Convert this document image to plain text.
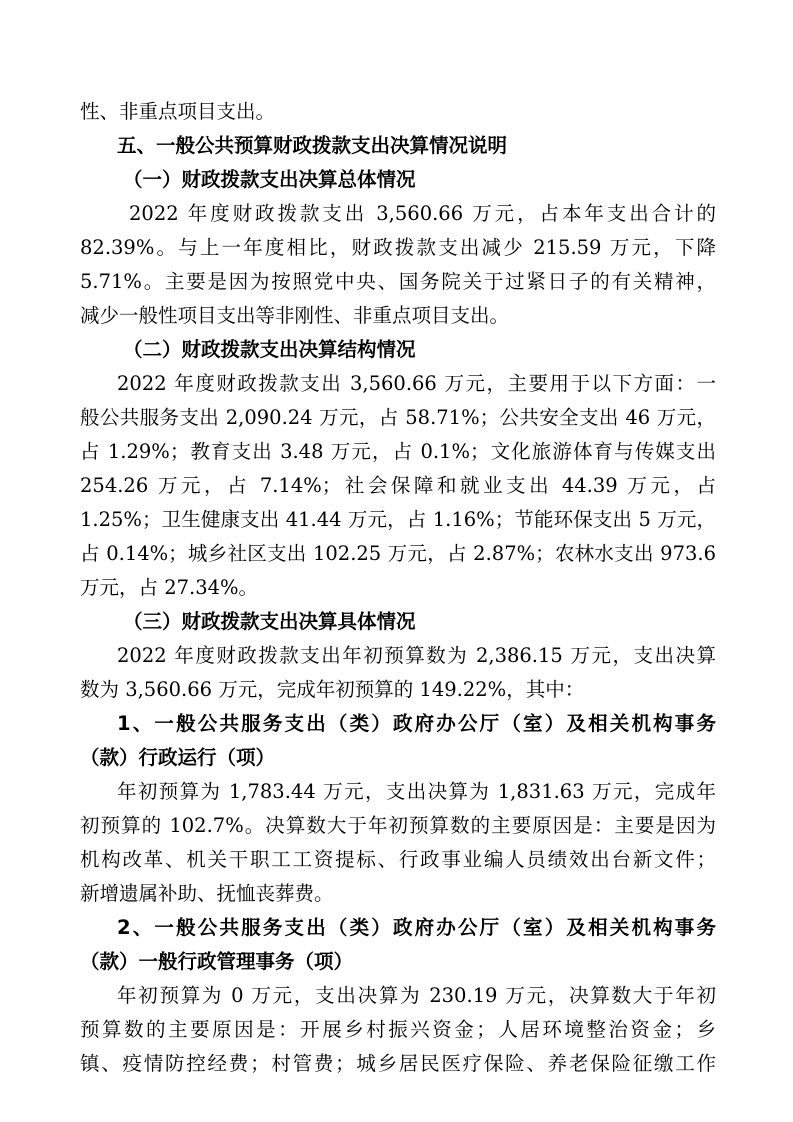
性、非重点项目支出。
五、一般公共预算财政拨款支出决算情况说明
（一）财政拨款支出决算总体情况
2022 年度财政拨款支出 3,560.66 万元，占本年支出合计的
82.39%。与上一年度相比，财政拨款支出减少 215.59 万元，下降
5.71%。主要是因为按照党中央、国务院关于过紧日子的有关精神，
减少一般性项目支出等非刚性、非重点项目支出。
（二）财政拨款支出决算结构情况
2022 年度财政拨款支出 3,560.66 万元，主要用于以下方面：一
般公共服务支出 2,090.24 万元，占 58.71%；公共安全支出 46 万元，
占 1.29%；教育支出 3.48 万元，占 0.1%；文化旅游体育与传媒支出
254.26 万元，占 7.14%；社会保障和就业支出 44.39 万元，占
1.25%；卫生健康支出 41.44 万元，占 1.16%；节能环保支出 5 万元，
占 0.14%；城乡社区支出 102.25 万元，占 2.87%；农林水支出 973.6
万元，占 27.34%。
（三）财政拨款支出决算具体情况
2022 年度财政拨款支出年初预算数为 2,386.15 万元，支出决算
数为 3,560.66 万元，完成年初预算的 149.22%，其中：
1、一般公共服务支出（类）政府办公厅（室）及相关机构事务
（款）行政运行（项）
年初预算为 1,783.44 万元，支出决算为 1,831.63 万元，完成年
初预算的 102.7%。决算数大于年初预算数的主要原因是：主要是因为
机构改革、机关干职工工资提标、行政事业编人员绩效出台新文件；
新增遗属补助、抚恤丧葬费。
2、一般公共服务支出（类）政府办公厅（室）及相关机构事务
（款）一般行政管理事务（项）
年初预算为 0 万元，支出决算为 230.19 万元，决算数大于年初
预算数的主要原因是：开展乡村振兴资金；人居环境整治资金；乡
镇、疫情防控经费；村管费；城乡居民医疗保险、养老保险征缴工作
